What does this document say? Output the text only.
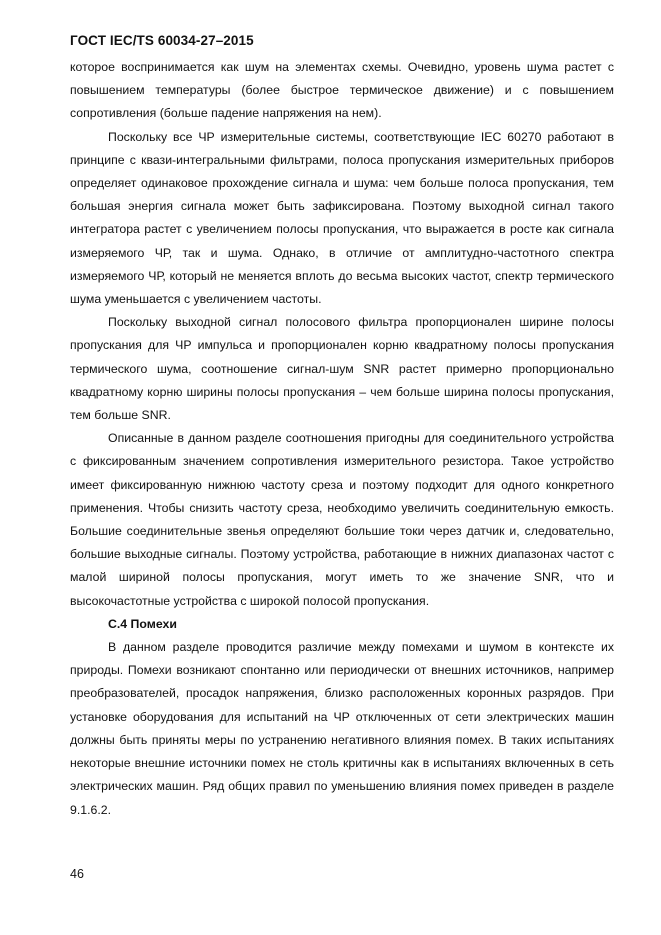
ГОСТ IEC/TS 60034-27–2015

которое воспринимается как шум на элементах схемы. Очевидно, уровень шума растет с повышением температуры (более быстрое термическое движение) и с повышением сопротивления (больше падение напряжения на нем).

Поскольку все ЧР измерительные системы, соответствующие IEC 60270 работают в принципе с квази-интегральными фильтрами, полоса пропускания измерительных приборов определяет одинаковое прохождение сигнала и шума: чем больше полоса пропускания, тем большая энергия сигнала может быть зафиксирована. Поэтому выходной сигнал такого интегратора растет с увеличением полосы пропускания, что выражается в росте как сигнала измеряемого ЧР, так и шума. Однако, в отличие от амплитудно-частотного спектра измеряемого ЧР, который не меняется вплоть до весьма высоких частот, спектр термического шума уменьшается с увеличением частоты.

Поскольку выходной сигнал полосового фильтра пропорционален ширине полосы пропускания для ЧР импульса и пропорционален корню квадратному полосы пропускания термического шума, соотношение сигнал-шум SNR растет примерно пропорционально квадратному корню ширины полосы пропускания – чем больше ширина полосы пропускания, тем больше SNR.

Описанные в данном разделе соотношения пригодны для соединительного устройства с фиксированным значением сопротивления измерительного резистора. Такое устройство имеет фиксированную нижнюю частоту среза и поэтому подходит для одного конкретного применения. Чтобы снизить частоту среза, необходимо увеличить соединительную емкость. Большие соединительные звенья определяют большие токи через датчик и, следовательно, большие выходные сигналы. Поэтому устройства, работающие в нижних диапазонах частот с малой шириной полосы пропускания, могут иметь то же значение SNR, что и высокочастотные устройства с широкой полосой пропускания.

С.4 Помехи

В данном разделе проводится различие между помехами и шумом в контексте их природы. Помехи возникают спонтанно или периодически от внешних источников, например преобразователей, просадок напряжения, близко расположенных коронных разрядов. При установке оборудования для испытаний на ЧР отключенных от сети электрических машин должны быть приняты меры по устранению негативного влияния помех. В таких испытаниях некоторые внешние источники помех не столь критичны как в испытаниях включенных в сеть электрических машин. Ряд общих правил по уменьшению влияния помех приведен в разделе 9.1.6.2.

46
